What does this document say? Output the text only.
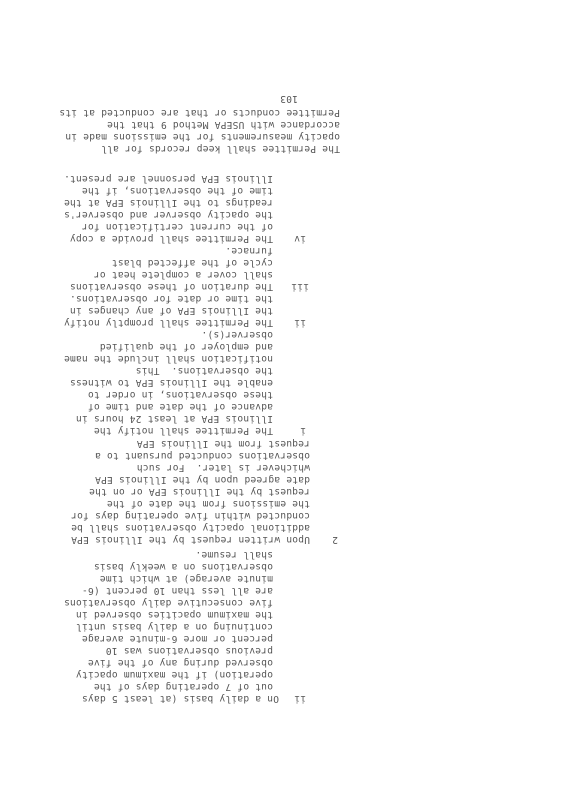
103
ii
On a daily basis (at least 5 days
out of 7 operating days of the
operation) if the maximum opacity
observed during any of the five
previous observations was 10
percent or more 6-minute average
continuing on a daily basis until
the maximum opacities observed in
five consecutive daily observations
are all less than 10 percent (6-
minute average) at which time
observations on a weekly basis
shall resume.
2
Upon written request by the Illinois EPA
additional opacity observations shall be
conducted within five operating days for
the emissions from the date of the
request by the Illinois EPA or on the
date agreed upon by the Illinois EPA
whichever is later.  For such
observations conducted pursuant to a
request from the Illinois EPA
i
The Permittee shall notify the
Illinois EPA at least 24 hours in
advance of the date and time of
these observations, in order to
enable the Illinois EPA to witness
the observations.  This
notification shall include the name
and employer of the qualified
observer(s).
ii
The Permittee shall promptly notify
the Illinois EPA of any changes in
the time or date for observations.
iii
The duration of these observations
shall cover a complete heat or
cycle of the affected blast
furnace.
iv
The Permittee shall provide a copy
of the current certification for
the opacity observer and observer's
readings to the Illinois EPA at the
time of the observations, if the
Illinois EPA personnel are present.
The Permittee shall keep records for all
opacity measurements for the emissions made in
accordance with USEPA Method 9 that the
Permittee conducts or that are conducted at its
